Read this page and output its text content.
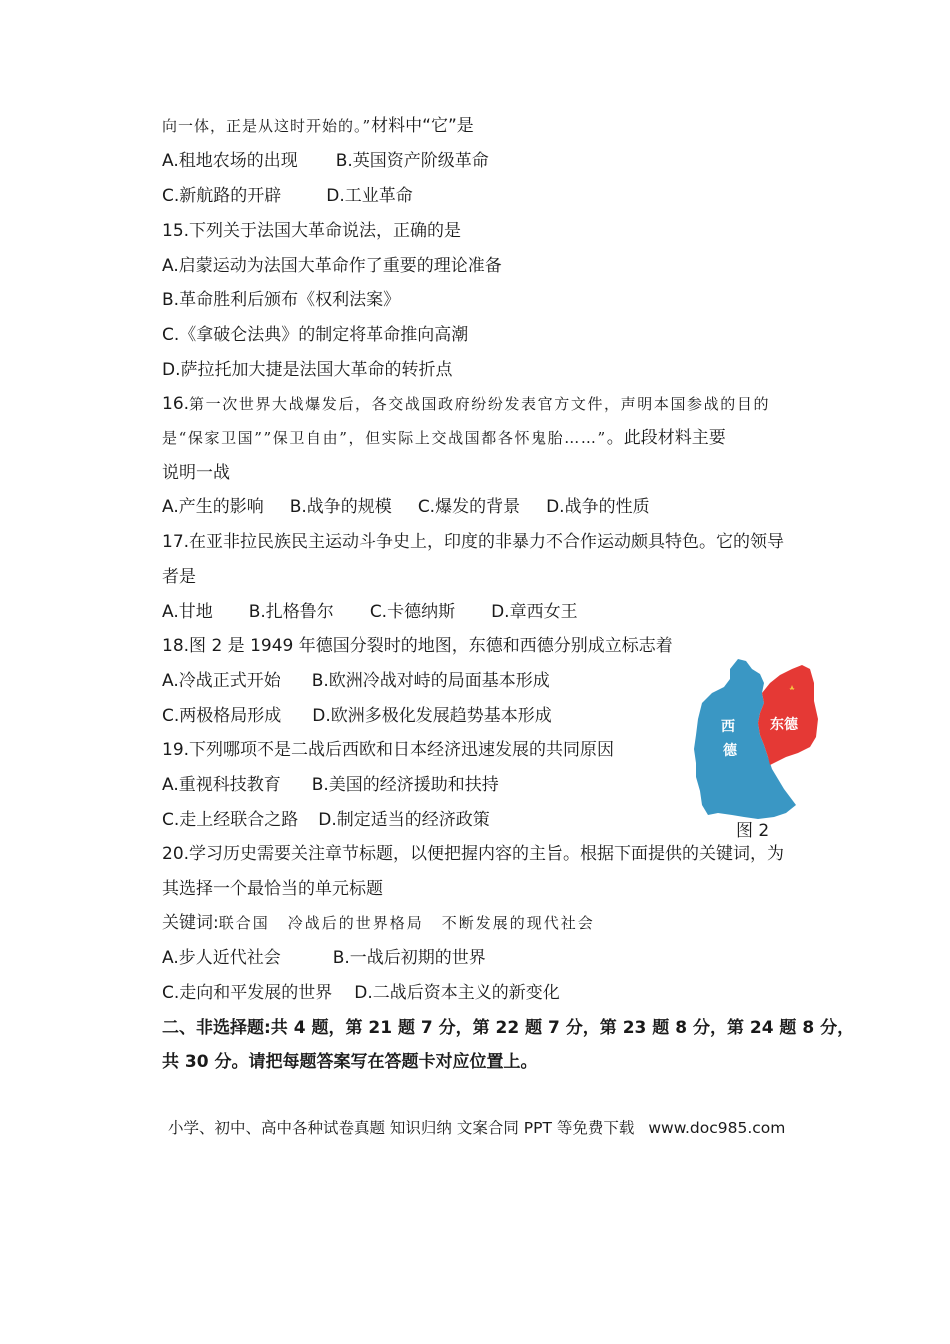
向一体，正是从这时开始的。”材料中“它”是
A.租地农场的出现 B.英国资产阶级革命
C.新航路的开辟	D.工业革命
15.下列关于法国大革命说法，正确的是
A.启蒙运动为法国大革命作了重要的理论准备
B.革命胜利后颁布《权利法案》
C.《拿破仑法典》的制定将革命推向高潮
D.萨拉托加大捷是法国大革命的转折点
16.第一次世界大战爆发后，各交战国政府纷纷发表官方文件，声明本国参战的目的
是“保家卫国””保卫自由”，但实际上交战国都各怀鬼胎……”。此段材料主要
说明一战
A.产生的影响 B.战争的规模 C.爆发的背景 D.战争的性质
17.在亚非拉民族民主运动斗争史上，印度的非暴力不合作运动颇具特色。它的领导
者是
A.甘地 B.扎格鲁尔 C.卡德纳斯 D.章西女王
18.图 2 是 1949 年德国分裂时的地图，东德和西德分别成立标志着
A.冷战正式开始 B.欧洲冷战对峙的局面基本形成
C.两极格局形成 D.欧洲多极化发展趋势基本形成
19.下列哪项不是二战后西欧和日本经济迅速发展的共同原因
A.重视科技教育 B.美国的经济援助和扶持
C.走上经联合之路 D.制定适当的经济政策
西
德
东德
图 2
20.学习历史需要关注章节标题，以便把握内容的主旨。根据下面提供的关键词，为
其选择一个最恰当的单元标题
关键词:联合国 冷战后的世界格局 不断发展的现代社会
A.步人近代社会	B.一战后初期的世界
C.走向和平发展的世界 D.二战后资本主义的新变化
二、非选择题:共 4 题，第 21 题 7 分，第 22 题 7 分，第 23 题 8 分，第 24 题 8 分，
共 30 分。请把每题答案写在答题卡对应位置上。
小学、初中、高中各种试卷真题 知识归纳 文案合同 PPT 等免费下载 www.doc985.com
